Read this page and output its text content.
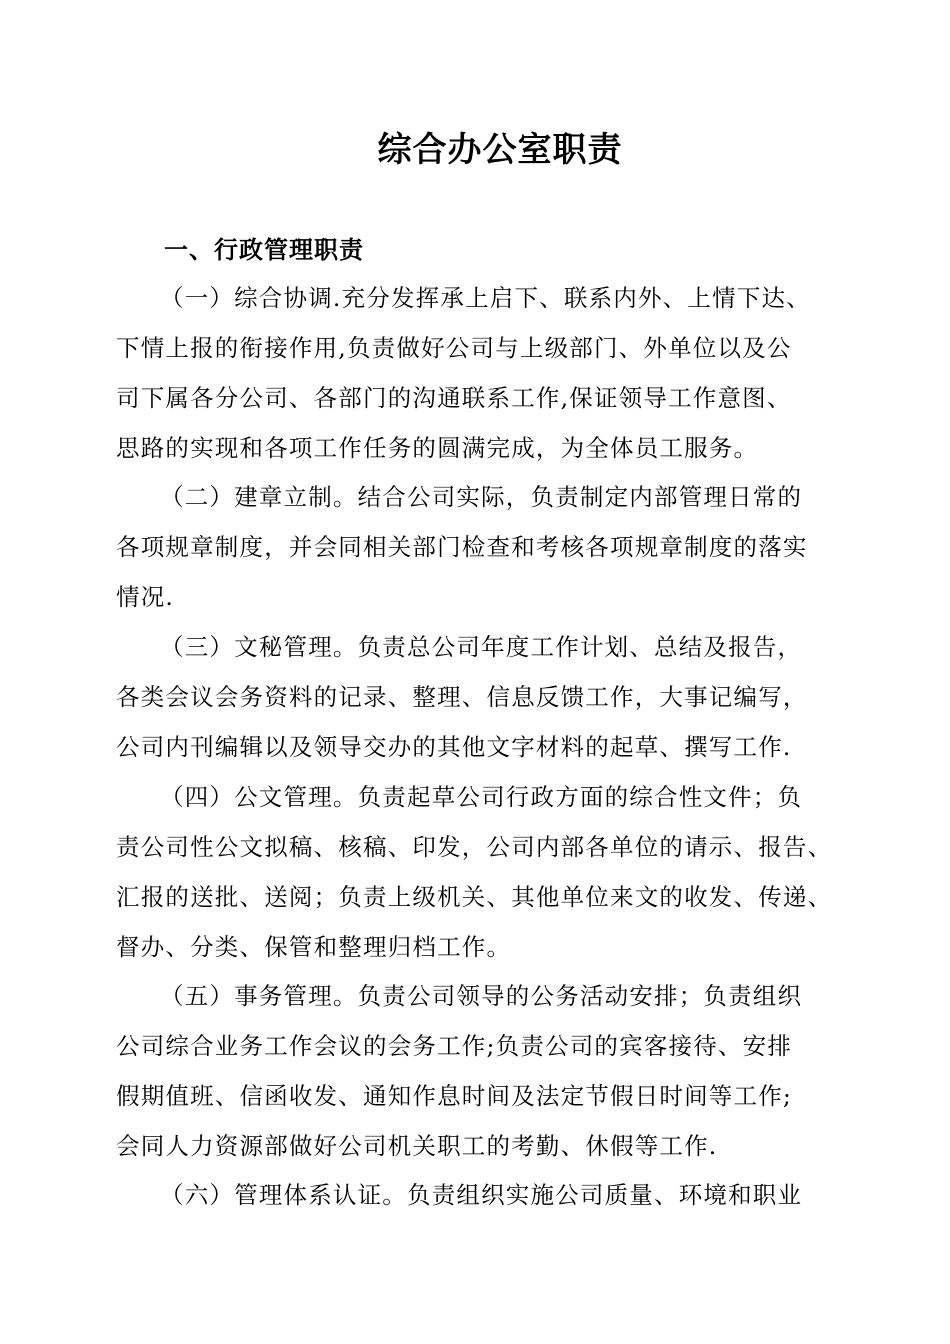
综合办公室职责
一、行政管理职责
（一）综合协调.充分发挥承上启下、联系内外、上情下达、
下情上报的衔接作用,负责做好公司与上级部门、外单位以及公
司下属各分公司、各部门的沟通联系工作,保证领导工作意图、
思路的实现和各项工作任务的圆满完成，为全体员工服务。
（二）建章立制。结合公司实际，负责制定内部管理日常的
各项规章制度，并会同相关部门检查和考核各项规章制度的落实
情况.
（三）文秘管理。负责总公司年度工作计划、总结及报告，
各类会议会务资料的记录、整理、信息反馈工作，大事记编写，
公司内刊编辑以及领导交办的其他文字材料的起草、撰写工作.
（四）公文管理。负责起草公司行政方面的综合性文件；负
责公司性公文拟稿、核稿、印发，公司内部各单位的请示、报告、
汇报的送批、送阅；负责上级机关、其他单位来文的收发、传递、
督办、分类、保管和整理归档工作。
（五）事务管理。负责公司领导的公务活动安排；负责组织
公司综合业务工作会议的会务工作;负责公司的宾客接待、安排
假期值班、信函收发、通知作息时间及法定节假日时间等工作;
会同人力资源部做好公司机关职工的考勤、休假等工作.
（六）管理体系认证。负责组织实施公司质量、环境和职业
